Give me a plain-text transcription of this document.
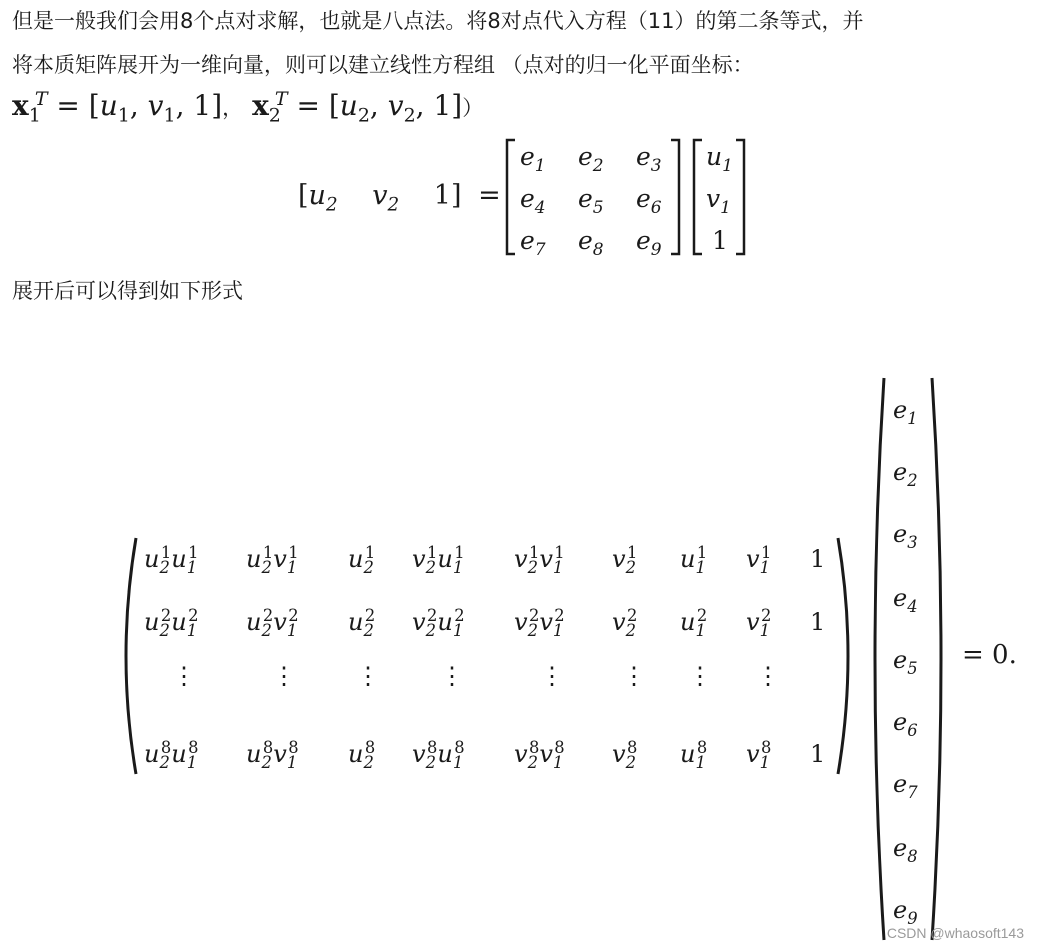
但是一般我们会用8个点对求解，也就是八点法。将8对点代入方程（11）的第二条等式，并
将本质矩阵展开为一维向量，则可以建立线性方程组 （点对的归一化平面坐标：
$x_1^T = [u_1$, $v_1$, 1]， $x_2^T = [u_2$, $v_2$, 1]）
[$u_2$ $v_2$ 1] =
$e_1$ $e_2$ $e_3$
$e_4$ $e_5$ $e_6$
$e_7$ $e_8$ $e_9$
$u_1$
$v_1$
1
展开后可以得到如下形式
$u_2^1u_1^1$ $u_2^1v_1^1$ $u_2^1$ $v_2^1u_1^1$ $v_2^1v_1^1$ $v_2^1$ $u_1^1$ $v_1^1$ 1
$u_2^2u_1^2$ $u_2^2v_1^2$ $u_2^2$ $v_2^2u_1^2$ $v_2^2v_1^2$ $v_2^2$ $u_1^2$ $v_1^2$ 1
⋮	⋮	⋮	⋮	⋮ ⋮ ⋮ ⋮
$u_2^8u_1^8$ $u_2^8v_1^8$ $u_2^8$ $v_2^8u_1^8$ $v_2^8v_1^8$ $v_2^8$ $u_1^8$ $v_1^8$ 1
$e_1$
$e_2$
$e_3$
$e_4$
$e_5$
$e_6$
$e_7$
$e_8$
$e_9$
= 0.
CSDN @whaosoft143
